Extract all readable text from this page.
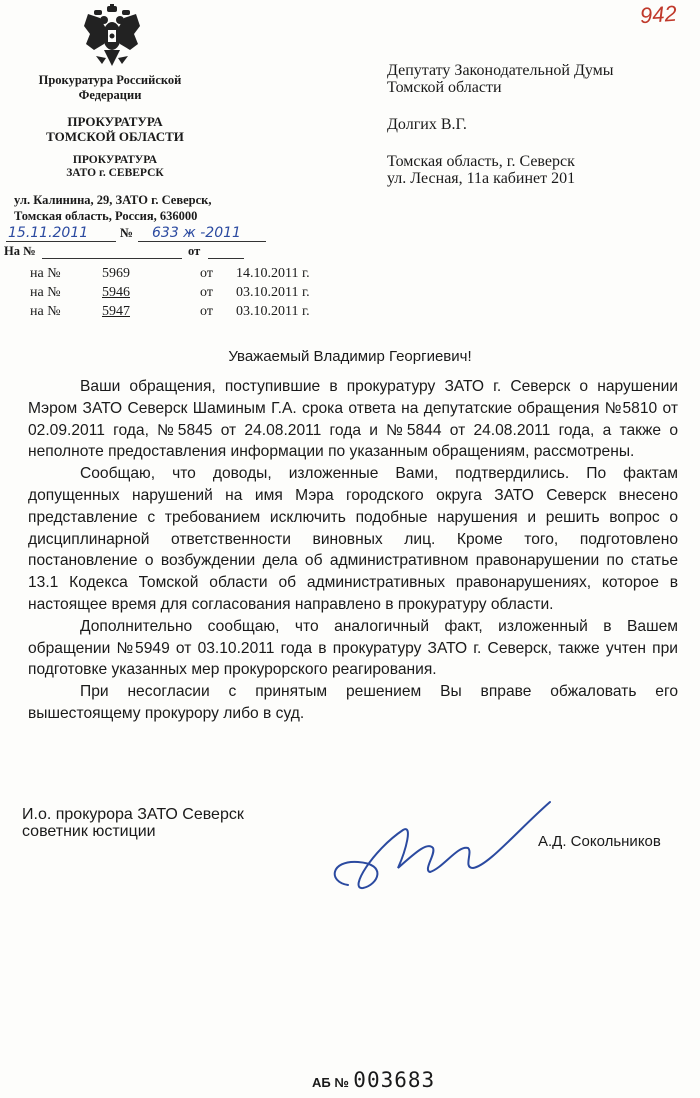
942
Прокуратура Российской
Федерации
ПРОКУРАТУРА
ТОМСКОЙ ОБЛАСТИ
ПРОКУРАТУРА
ЗАТО г. СЕВЕРСК
ул. Калинина, 29, ЗАТО г. Северск,
Томская область, Россия, 636000
15.11.2011 № 633 ж -2011
На №	от
на №	5969	от 14.10.2011 г.
на №	5946	от 03.10.2011 г.
на №	5947	от 03.10.2011 г.
Депутату Законодательной Думы
Томской области
Долгих В.Г.
Томская область, г. Северск
ул. Лесная, 11а кабинет 201
Уважаемый Владимир Георгиевич!

Ваши обращения, поступившие в прокуратуру ЗАТО г. Северск о нарушении Мэром ЗАТО Северск Шаминым Г.А. срока ответа на депутатские обращения №5810 от 02.09.2011 года, №5845 от 24.08.2011 года и №5844 от 24.08.2011 года, а также о неполноте предоставления информации по указанным обращениям, рассмотрены.

Сообщаю, что доводы, изложенные Вами, подтвердились. По фактам допущенных нарушений на имя Мэра городского округа ЗАТО Северск внесено представление с требованием исключить подобные нарушения и решить вопрос о дисциплинарной ответственности виновных лиц. Кроме того, подготовлено постановление о возбуждении дела об административном правонарушении по статье 13.1 Кодекса Томской области об административных правонарушениях, которое в настоящее время для согласования направлено в прокуратуру области.

Дополнительно сообщаю, что аналогичный факт, изложенный в Вашем обращении №5949 от 03.10.2011 года в прокуратуру ЗАТО г. Северск, также учтен при подготовке указанных мер прокурорского реагирования.

При несогласии с принятым решением Вы вправе обжаловать его вышестоящему прокурору либо в суд.

И.о. прокурора ЗАТО Северск
советник юстиции
А.Д. Сокольников
АБ № 003683
